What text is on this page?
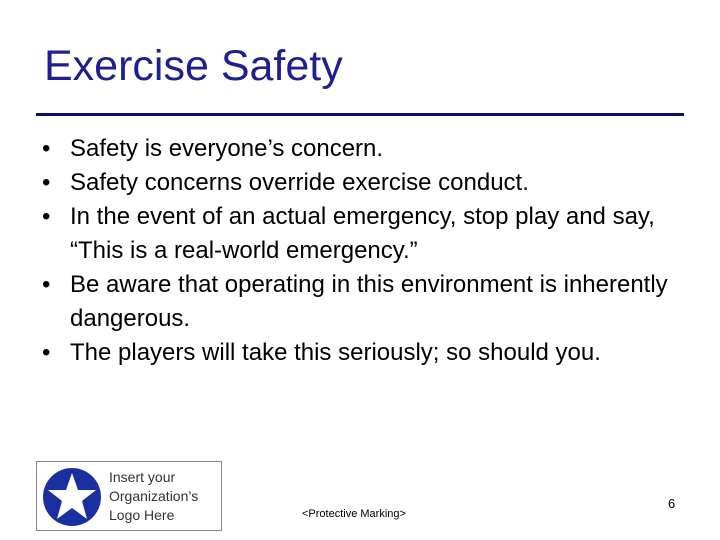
Exercise Safety
• Safety is everyone’s concern.
• Safety concerns override exercise conduct.
• In the event of an actual emergency, stop play and say, “This is a real-world emergency.”
• Be aware that operating in this environment is inherently dangerous.
• The players will take this seriously; so should you.
Insert your
Organization’s
Logo Here	<Protective Marking>
6
